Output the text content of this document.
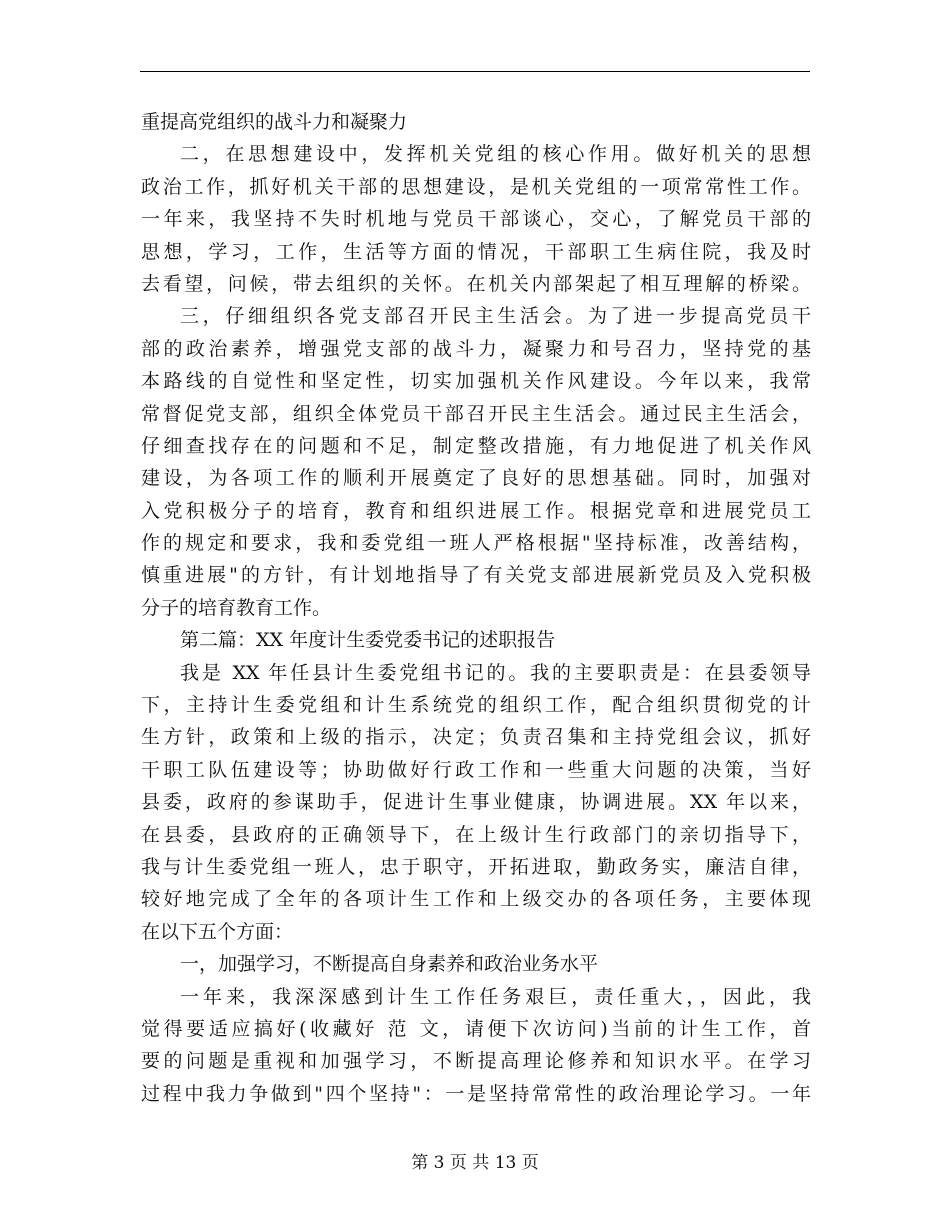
重提高党组织的战斗力和凝聚力
二，在思想建设中，发挥机关党组的核心作用。做好机关的思想
政治工作，抓好机关干部的思想建设，是机关党组的一项常常性工作。
一年来，我坚持不失时机地与党员干部谈心，交心，了解党员干部的
思想，学习，工作，生活等方面的情况，干部职工生病住院，我及时
去看望，问候，带去组织的关怀。在机关内部架起了相互理解的桥梁。
三，仔细组织各党支部召开民主生活会。为了进一步提高党员干
部的政治素养，增强党支部的战斗力，凝聚力和号召力，坚持党的基
本路线的自觉性和坚定性，切实加强机关作风建设。今年以来，我常
常督促党支部，组织全体党员干部召开民主生活会。通过民主生活会，
仔细查找存在的问题和不足，制定整改措施，有力地促进了机关作风
建设，为各项工作的顺利开展奠定了良好的思想基础。同时，加强对
入党积极分子的培育，教育和组织进展工作。根据党章和进展党员工
作的规定和要求，我和委党组一班人严格根据"坚持标准，改善结构，
慎重进展"的方针，有计划地指导了有关党支部进展新党员及入党积极
分子的培育教育工作。
第二篇：XX 年度计生委党委书记的述职报告
我是 XX 年任县计生委党组书记的。我的主要职责是：在县委领导
下，主持计生委党组和计生系统党的组织工作，配合组织贯彻党的计
生方针，政策和上级的指示，决定；负责召集和主持党组会议，抓好
干职工队伍建设等；协助做好行政工作和一些重大问题的决策，当好
县委，政府的参谋助手，促进计生事业健康，协调进展。XX 年以来，
在县委，县政府的正确领导下，在上级计生行政部门的亲切指导下，
我与计生委党组一班人，忠于职守，开拓进取，勤政务实，廉洁自律，
较好地完成了全年的各项计生工作和上级交办的各项任务，主要体现
在以下五个方面：
一，加强学习，不断提高自身素养和政治业务水平
一年来，我深深感到计生工作任务艰巨，责任重大，，因此，我
觉得要适应搞好(收藏好 范 文，请便下次访问)当前的计生工作，首
要的问题是重视和加强学习，不断提高理论修养和知识水平。在学习
过程中我力争做到"四个坚持"：一是坚持常常性的政治理论学习。一年
第 3 页 共 13 页
